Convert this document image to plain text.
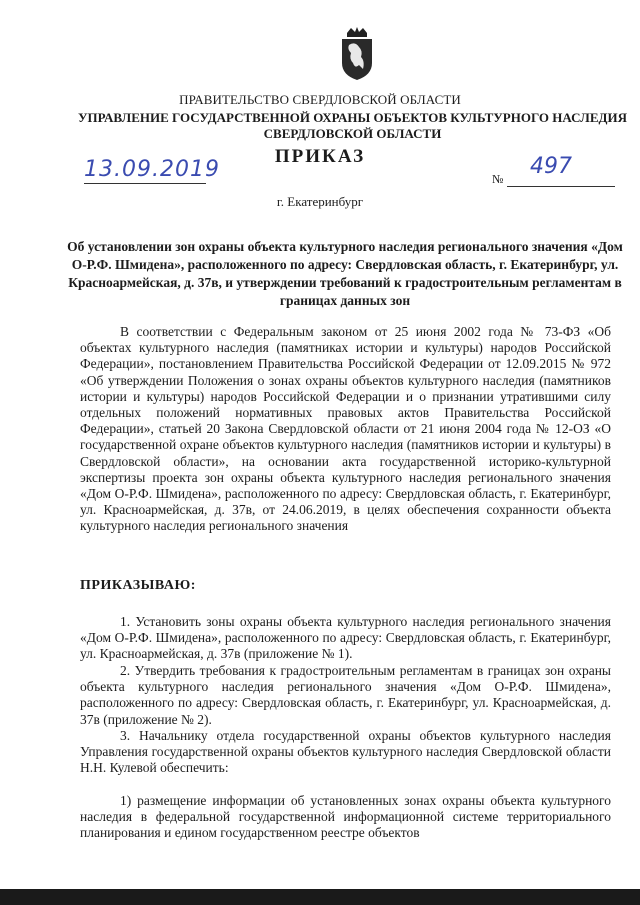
ПРАВИТЕЛЬСТВО СВЕРДЛОВСКОЙ ОБЛАСТИ
УПРАВЛЕНИЕ ГОСУДАРСТВЕННОЙ ОХРАНЫ ОБЪЕКТОВ КУЛЬТУРНОГО НАСЛЕДИЯ СВЕРДЛОВСКОЙ ОБЛАСТИ
ПРИКАЗ
13.09.2019	№ 497
г. Екатеринбург
Об установлении зон охраны объекта культурного наследия регионального значения «Дом О-Р.Ф. Шмидена», расположенного по адресу: Свердловская область, г. Екатеринбург, ул. Красноармейская, д. 37в, и утверждении требований к градостроительным регламентам в границах данных зон

В соответствии с Федеральным законом от 25 июня 2002 года № 73-ФЗ «Об объектах культурного наследия (памятниках истории и культуры) народов Российской Федерации», постановлением Правительства Российской Федерации от 12.09.2015 № 972 «Об утверждении Положения о зонах охраны объектов культурного наследия (памятников истории и культуры) народов Российской Федерации и о признании утратившими силу отдельных положений нормативных правовых актов Правительства Российской Федерации», статьей 20 Закона Свердловской области от 21 июня 2004 года № 12-ОЗ «О государственной охране объектов культурного наследия (памятников истории и культуры) в Свердловской области», на основании акта государственной историко-культурной экспертизы проекта зон охраны объекта культурного наследия регионального значения «Дом О-Р.Ф. Шмидена», расположенного по адресу: Свердловская область, г. Екатеринбург, ул. Красноармейская, д. 37в, от 24.06.2019, в целях обеспечения сохранности объекта культурного наследия регионального значения

ПРИКАЗЫВАЮ:

1. Установить зоны охраны объекта культурного наследия регионального значения «Дом О-Р.Ф. Шмидена», расположенного по адресу: Свердловская область, г. Екатеринбург, ул. Красноармейская, д. 37в (приложение № 1).

2. Утвердить требования к градостроительным регламентам в границах зон охраны объекта культурного наследия регионального значения «Дом О-Р.Ф. Шмидена», расположенного по адресу: Свердловская область, г. Екатеринбург, ул. Красноармейская, д. 37в (приложение № 2).

3. Начальнику отдела государственной охраны объектов культурного наследия Управления государственной охраны объектов культурного наследия Свердловской области Н.Н. Кулевой обеспечить:

1) размещение информации об установленных зонах охраны объекта культурного наследия в федеральной государственной информационной системе территориального планирования и едином государственном реестре объектов
